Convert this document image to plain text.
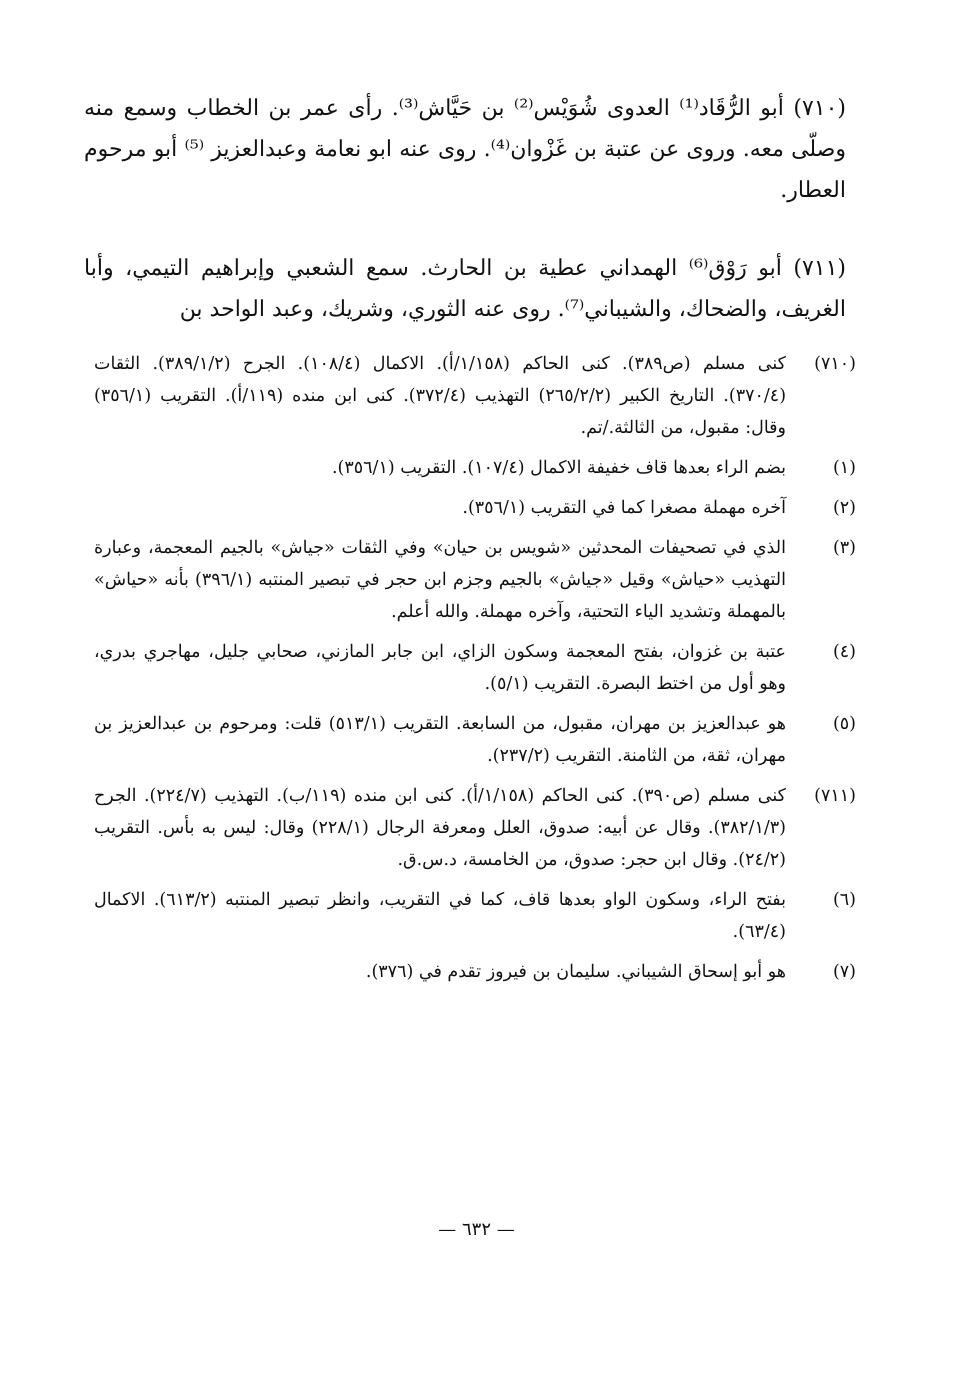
(٧١٠) أبو الرُّقَاد⁽¹⁾ العدوى شُوَيْس⁽²⁾ بن حَيَّاش⁽³⁾. رأى عمر بن الخطاب وسمع منه وصلّى معه. وروى عن عتبة بن غَزْوان⁽⁴⁾. روى عنه ابو نعامة وعبدالعزيز ⁽⁵⁾ أبو مرحوم العطار.

(٧١١) أبو رَوْق⁽⁶⁾ الهمداني عطية بن الحارث. سمع الشعبي وإبراهيم التيمي، وأبا الغريف، والضحاك، والشيباني⁽⁷⁾. روى عنه الثوري، وشريك، وعبد الواحد بن

(٧١٠)
كنى مسلم (ص٣٨٩). كنى الحاكم (١/١٥٨/أ). الاكمال (١٠٨/٤). الجرح (٣٨٩/١/٢). الثقات (٣٧٠/٤). التاريخ الكبير (٢٦٥/٢/٢) التهذيب (٣٧٢/٤). كنى ابن منده (١١٩/أ). التقريب (٣٥٦/١) وقال: مقبول، من الثالثة./تم.
(١)
بضم الراء بعدها قاف خفيفة الاكمال (١٠٧/٤). التقريب (٣٥٦/١).
(٢)
آخره مهملة مصغرا كما في التقريب (٣٥٦/١).
(٣)
الذي في تصحيفات المحدثين «شويس بن حيان» وفي الثقات «جياش» بالجيم المعجمة، وعبارة التهذيب «حياش» وقيل «جياش» بالجيم وجزم ابن حجر في تبصير المنتبه (٣٩٦/١) بأنه «حياش» بالمهملة وتشديد الياء التحتية، وآخره مهملة. والله أعلم.
(٤)
عتبة بن غزوان، بفتح المعجمة وسكون الزاي، ابن جابر المازني، صحابي جليل، مهاجري بدري، وهو أول من اختط البصرة. التقريب (٥/١).
(٥)
هو عبدالعزيز بن مهران، مقبول، من السابعة. التقريب (٥١٣/١) قلت: ومرحوم بن عبدالعزيز بن مهران، ثقة، من الثامنة. التقريب (٢٣٧/٢).
(٧١١)
كنى مسلم (ص٣٩٠). كنى الحاكم (١/١٥٨/أ). كنى ابن منده (١١٩/ب). التهذيب (٢٢٤/٧). الجرح (٣٨٢/١/٣). وقال عن أبيه: صدوق، العلل ومعرفة الرجال (٢٢٨/١) وقال: ليس به بأس. التقريب (٢٤/٢). وقال ابن حجر: صدوق، من الخامسة، د.س.ق.
(٦)
بفتح الراء، وسكون الواو بعدها قاف، كما في التقريب، وانظر تبصير المنتبه (٦١٣/٢). الاكمال (٦٣/٤).
(٧)
هو أبو إسحاق الشيباني. سليمان بن فيروز تقدم في (٣٧٦).
— ٦٣٢ —
